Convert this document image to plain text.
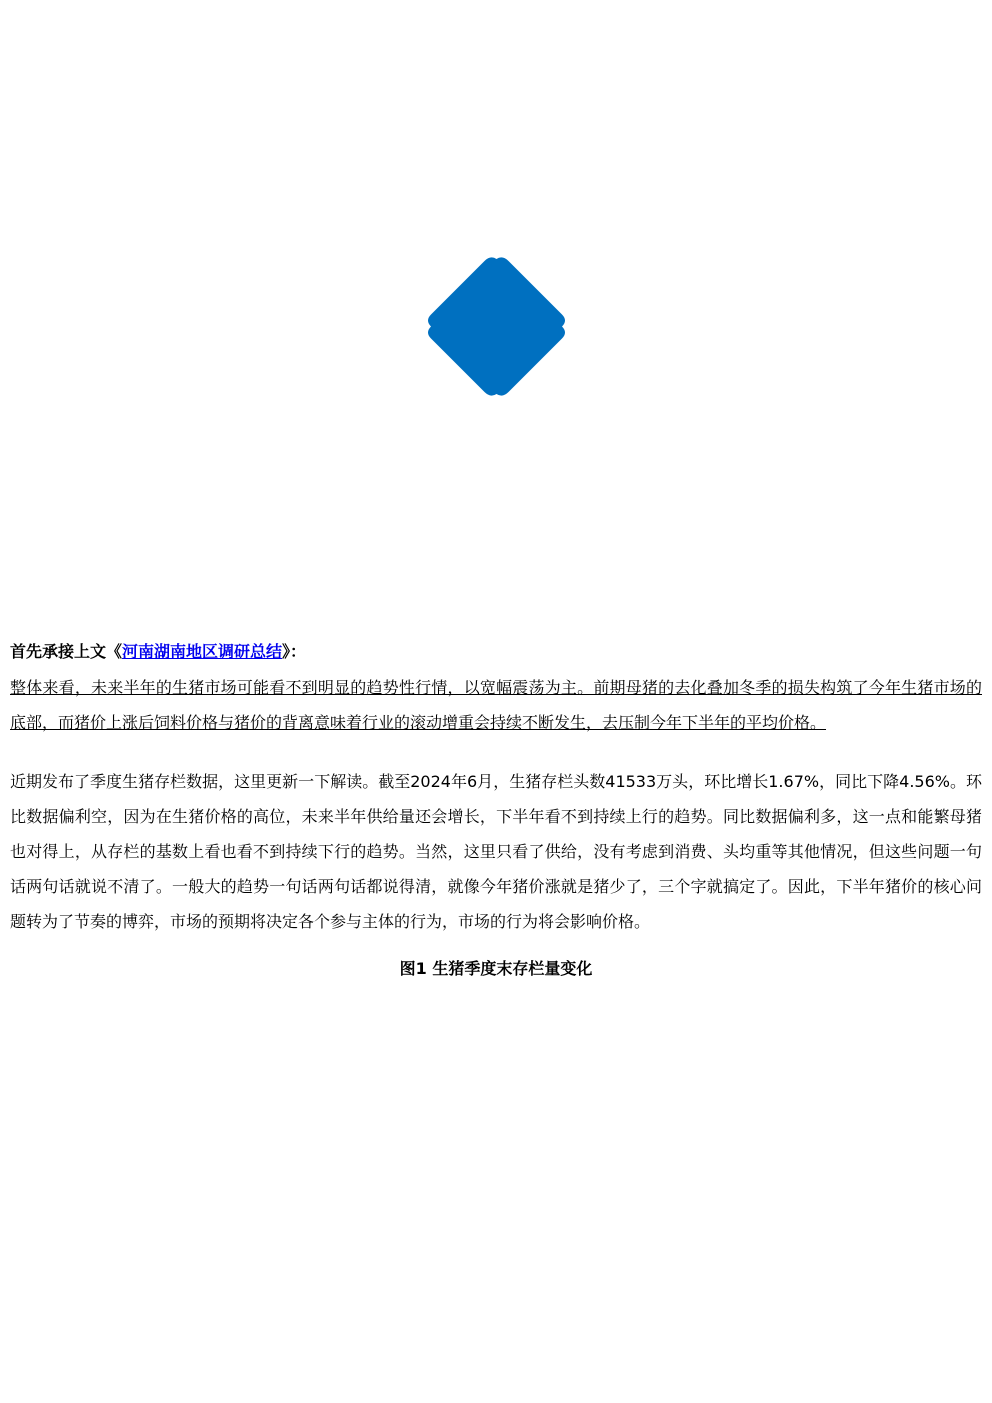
首先承接上文《河南湖南地区调研总结》：

整体来看，未来半年的生猪市场可能看不到明显的趋势性行情，以宽幅震荡为主。前期母猪的去化叠加冬季的损失构筑了今年生猪市场的底部，而猪价上涨后饲料价格与猪价的背离意味着行业的滚动增重会持续不断发生，去压制今年下半年的平均价格。

近期发布了季度生猪存栏数据，这里更新一下解读。截至2024年6月，生猪存栏头数41533万头，环比增长1.67%，同比下降4.56%。环比数据偏利空，因为在生猪价格的高位，未来半年供给量还会增长，下半年看不到持续上行的趋势。同比数据偏利多，这一点和能繁母猪也对得上，从存栏的基数上看也看不到持续下行的趋势。当然，这里只看了供给，没有考虑到消费、头均重等其他情况，但这些问题一句话两句话就说不清了。一般大的趋势一句话两句话都说得清，就像今年猪价涨就是猪少了，三个字就搞定了。因此，下半年猪价的核心问题转为了节奏的博弈，市场的预期将决定各个参与主体的行为，市场的行为将会影响价格。

图1 生猪季度末存栏量变化
